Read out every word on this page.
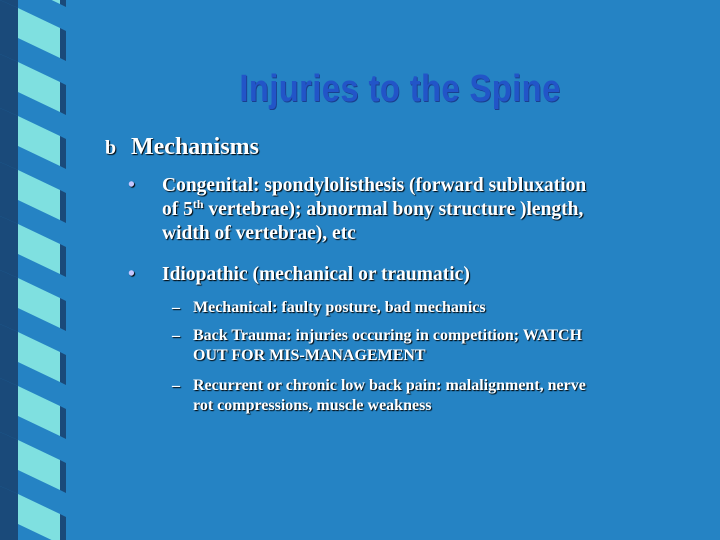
Injuries to the Spine
b Mechanisms
• Congenital: spondylolisthesis (forward subluxation
of 5th vertebrae); abnormal bony structure )length,
width of vertebrae), etc
• Idiopathic (mechanical or traumatic)
– Mechanical: faulty posture, bad mechanics
– Back Trauma: injuries occuring in competition; WATCH
OUT FOR MIS-MANAGEMENT
– Recurrent or chronic low back pain: malalignment, nerve
rot compressions, muscle weakness
